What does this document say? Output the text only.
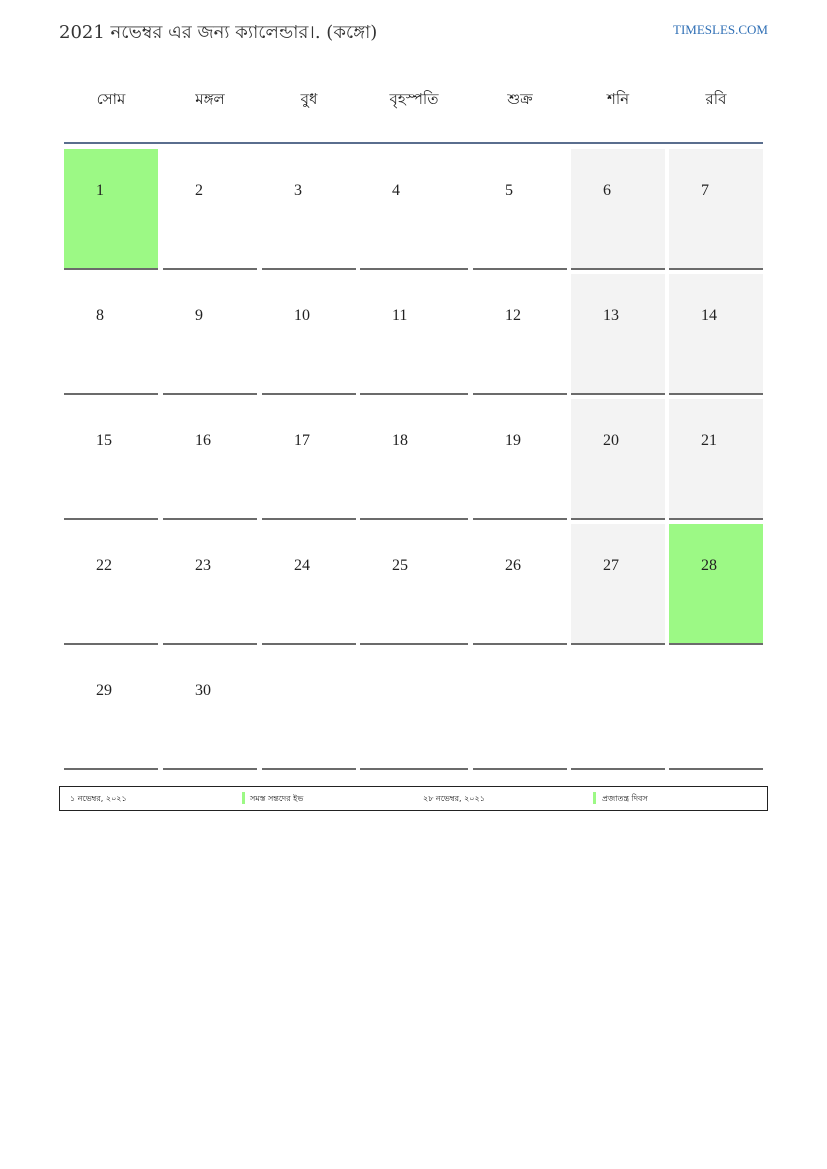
2021 নভেম্বর এর জন্য ক্যালেন্ডার।. (কঙ্গো)	TIMESLES.COM
সোম	মঙ্গল	বুধ	বৃহস্পতি	শুক্র	শনি	রবি
1	2	3	4	5	6	7
8	9	10	11	12	13	14
15	16	17	18	19	20	21
22	23	24	25	26	27	28
29	30
১ নভেম্বর, ২০২১	সমস্ত সন্তদের ইভ	২৮ নভেম্বর, ২০২১	প্রজাতন্ত্র দিবস
